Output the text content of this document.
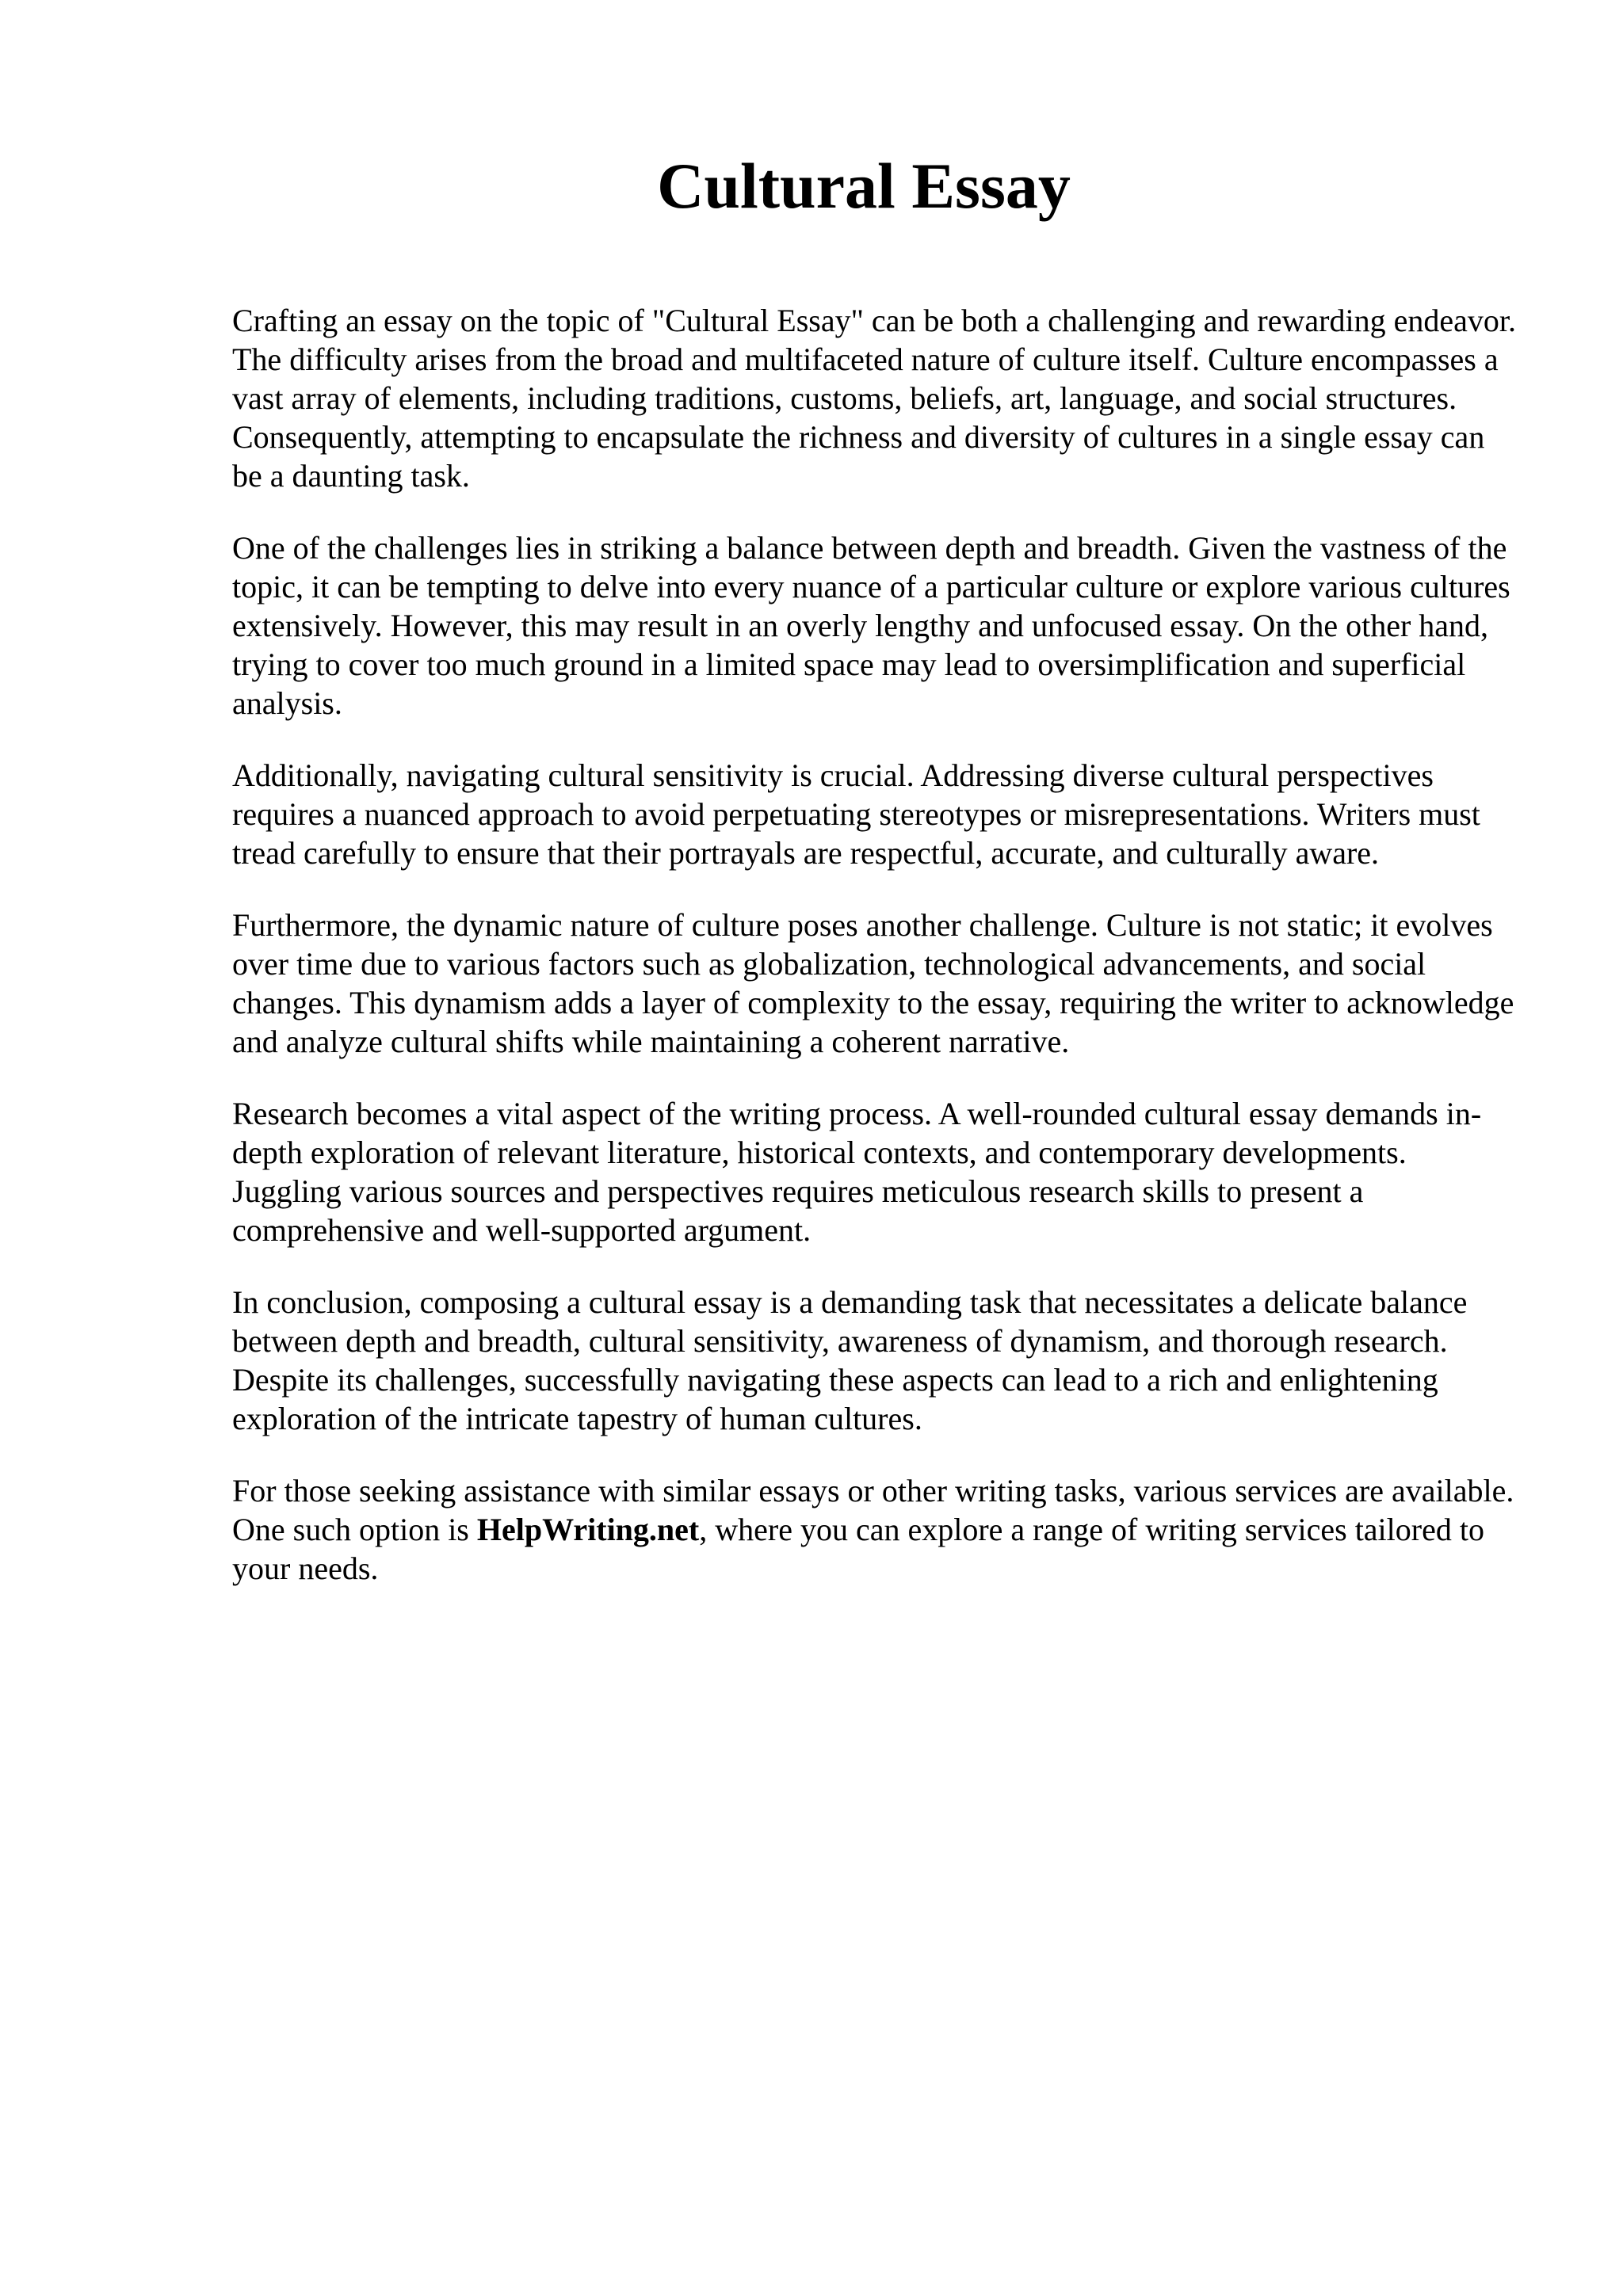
Cultural Essay

Crafting an essay on the topic of "Cultural Essay" can be both a challenging and rewarding endeavor. The difficulty arises from the broad and multifaceted nature of culture itself. Culture encompasses a vast array of elements, including traditions, customs, beliefs, art, language, and social structures. Consequently, attempting to encapsulate the richness and diversity of cultures in a single essay can be a daunting task.

One of the challenges lies in striking a balance between depth and breadth. Given the vastness of the topic, it can be tempting to delve into every nuance of a particular culture or explore various cultures extensively. However, this may result in an overly lengthy and unfocused essay. On the other hand, trying to cover too much ground in a limited space may lead to oversimplification and superficial analysis.

Additionally, navigating cultural sensitivity is crucial. Addressing diverse cultural perspectives requires a nuanced approach to avoid perpetuating stereotypes or misrepresentations. Writers must tread carefully to ensure that their portrayals are respectful, accurate, and culturally aware.

Furthermore, the dynamic nature of culture poses another challenge. Culture is not static; it evolves over time due to various factors such as globalization, technological advancements, and social changes. This dynamism adds a layer of complexity to the essay, requiring the writer to acknowledge and analyze cultural shifts while maintaining a coherent narrative.

Research becomes a vital aspect of the writing process. A well-rounded cultural essay demands in-depth exploration of relevant literature, historical contexts, and contemporary developments. Juggling various sources and perspectives requires meticulous research skills to present a comprehensive and well-supported argument.

In conclusion, composing a cultural essay is a demanding task that necessitates a delicate balance between depth and breadth, cultural sensitivity, awareness of dynamism, and thorough research. Despite its challenges, successfully navigating these aspects can lead to a rich and enlightening exploration of the intricate tapestry of human cultures.

For those seeking assistance with similar essays or other writing tasks, various services are available. One such option is HelpWriting.net, where you can explore a range of writing services tailored to your needs.
